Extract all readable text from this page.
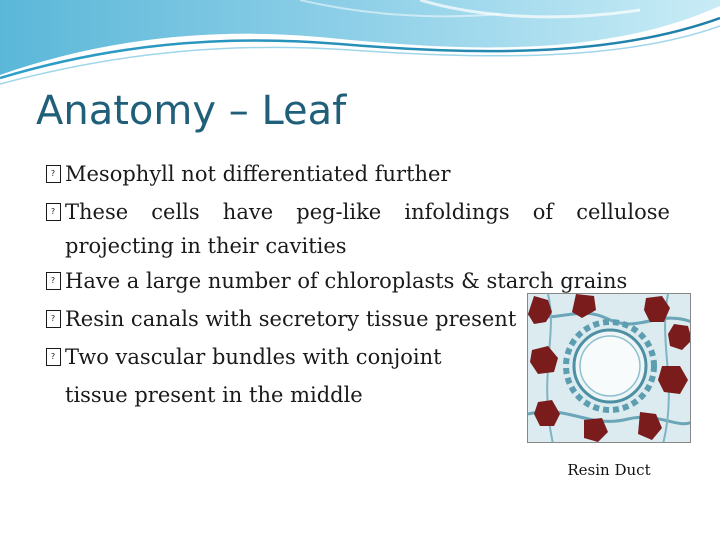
Anatomy – Leaf
? Mesophyll not differentiated further
? These cells have peg-like infoldings of cellulose
projecting in their cavities
? Have a large number of chloroplasts & starch grains
? Resin canals with secretory tissue present
? Two vascular bundles with conjoint
tissue present in the middle
Resin Duct
